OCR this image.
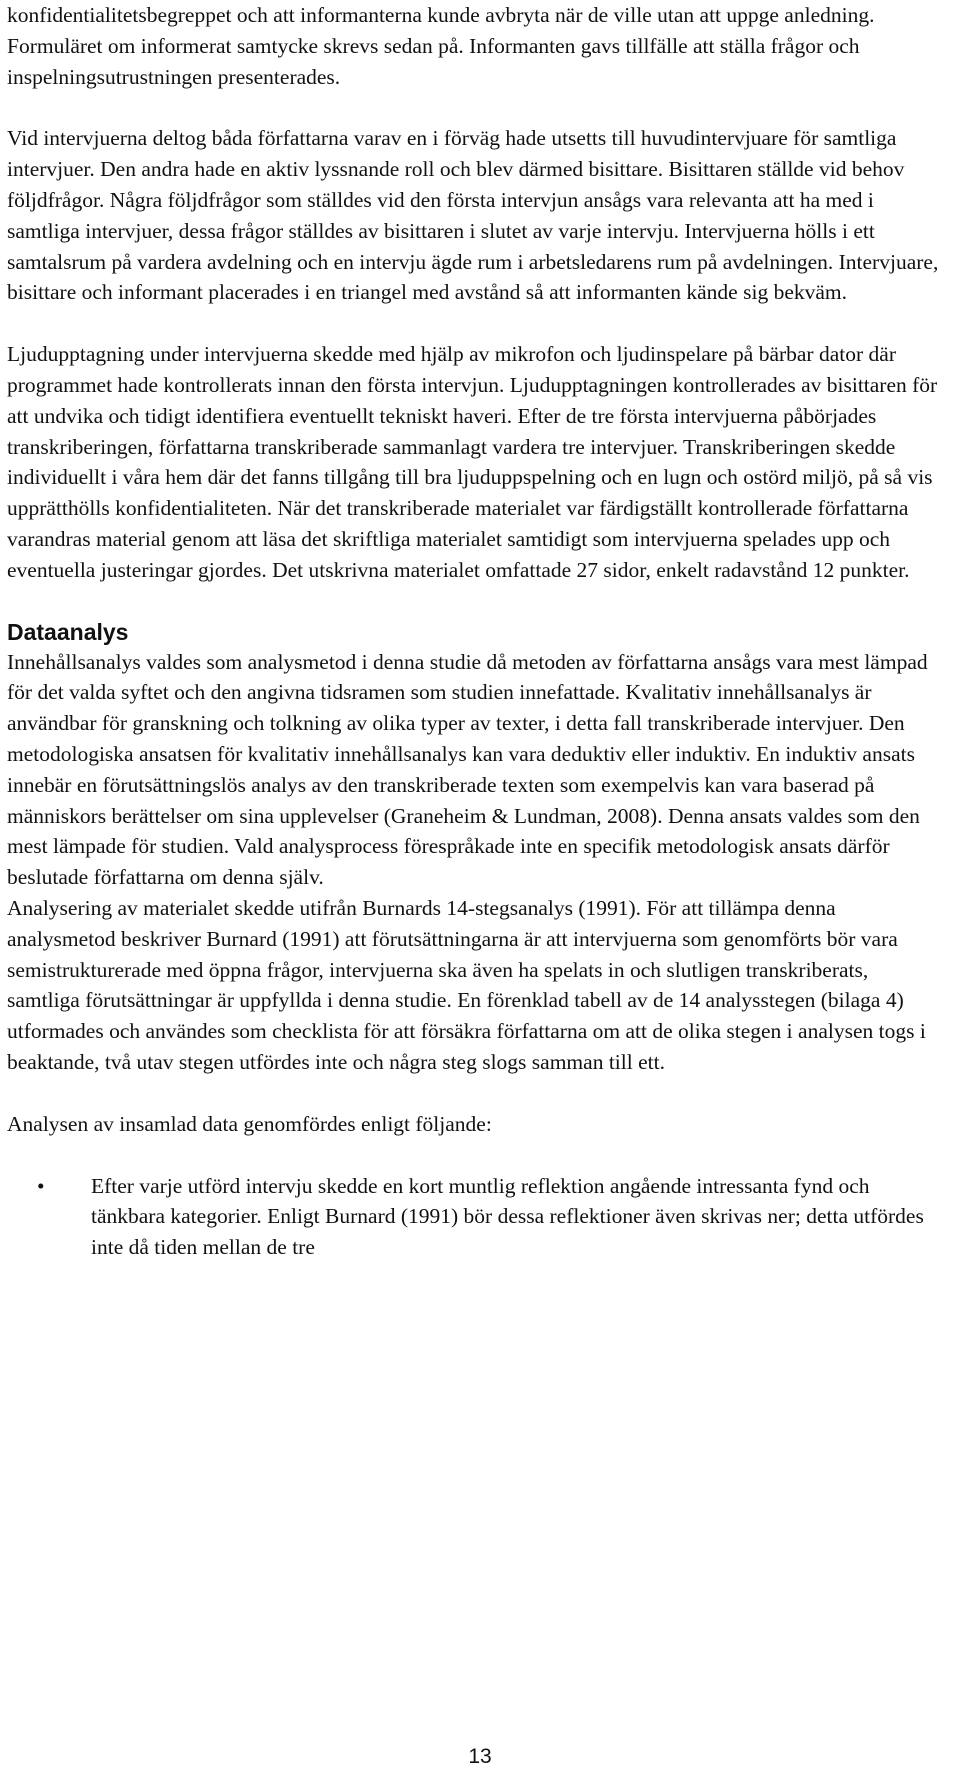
konfidentialitetsbegreppet och att informanterna kunde avbryta när de ville utan att uppge anledning. Formuläret om informerat samtycke skrevs sedan på. Informanten gavs tillfälle att ställa frågor och inspelningsutrustningen presenterades.

Vid intervjuerna deltog båda författarna varav en i förväg hade utsetts till huvudintervjuare för samtliga intervjuer. Den andra hade en aktiv lyssnande roll och blev därmed bisittare. Bisittaren ställde vid behov följdfrågor. Några följdfrågor som ställdes vid den första intervjun ansågs vara relevanta att ha med i samtliga intervjuer, dessa frågor ställdes av bisittaren i slutet av varje intervju. Intervjuerna hölls i ett samtalsrum på vardera avdelning och en intervju ägde rum i arbetsledarens rum på avdelningen. Intervjuare, bisittare och informant placerades i en triangel med avstånd så att informanten kände sig bekväm.

Ljudupptagning under intervjuerna skedde med hjälp av mikrofon och ljudinspelare på bärbar dator där programmet hade kontrollerats innan den första intervjun. Ljudupptagningen kontrollerades av bisittaren för att undvika och tidigt identifiera eventuellt tekniskt haveri. Efter de tre första intervjuerna påbörjades transkriberingen, författarna transkriberade sammanlagt vardera tre intervjuer. Transkriberingen skedde individuellt i våra hem där det fanns tillgång till bra ljuduppspelning och en lugn och ostörd miljö, på så vis upprätthölls konfidentialiteten. När det transkriberade materialet var färdigställt kontrollerade författarna varandras material genom att läsa det skriftliga materialet samtidigt som intervjuerna spelades upp och eventuella justeringar gjordes. Det utskrivna materialet omfattade 27 sidor, enkelt radavstånd 12 punkter.

Dataanalys

Innehållsanalys valdes som analysmetod i denna studie då metoden av författarna ansågs vara mest lämpad för det valda syftet och den angivna tidsramen som studien innefattade. Kvalitativ innehållsanalys är användbar för granskning och tolkning av olika typer av texter, i detta fall transkriberade intervjuer. Den metodologiska ansatsen för kvalitativ innehållsanalys kan vara deduktiv eller induktiv. En induktiv ansats innebär en förutsättningslös analys av den transkriberade texten som exempelvis kan vara baserad på människors berättelser om sina upplevelser (Graneheim & Lundman, 2008). Denna ansats valdes som den mest lämpade för studien. Vald analysprocess förespråkade inte en specifik metodologisk ansats därför beslutade författarna om denna själv.

Analysering av materialet skedde utifrån Burnards 14-stegsanalys (1991). För att tillämpa denna analysmetod beskriver Burnard (1991) att förutsättningarna är att intervjuerna som genomförts bör vara semistrukturerade med öppna frågor, intervjuerna ska även ha spelats in och slutligen transkriberats, samtliga förutsättningar är uppfyllda i denna studie. En förenklad tabell av de 14 analysstegen (bilaga 4) utformades och användes som checklista för att försäkra författarna om att de olika stegen i analysen togs i beaktande, två utav stegen utfördes inte och några steg slogs samman till ett.

Analysen av insamlad data genomfördes enligt följande:

• Efter varje utförd intervju skedde en kort muntlig reflektion angående intressanta fynd och tänkbara kategorier. Enligt Burnard (1991) bör dessa reflektioner även skrivas ner; detta utfördes inte då tiden mellan de tre
13
